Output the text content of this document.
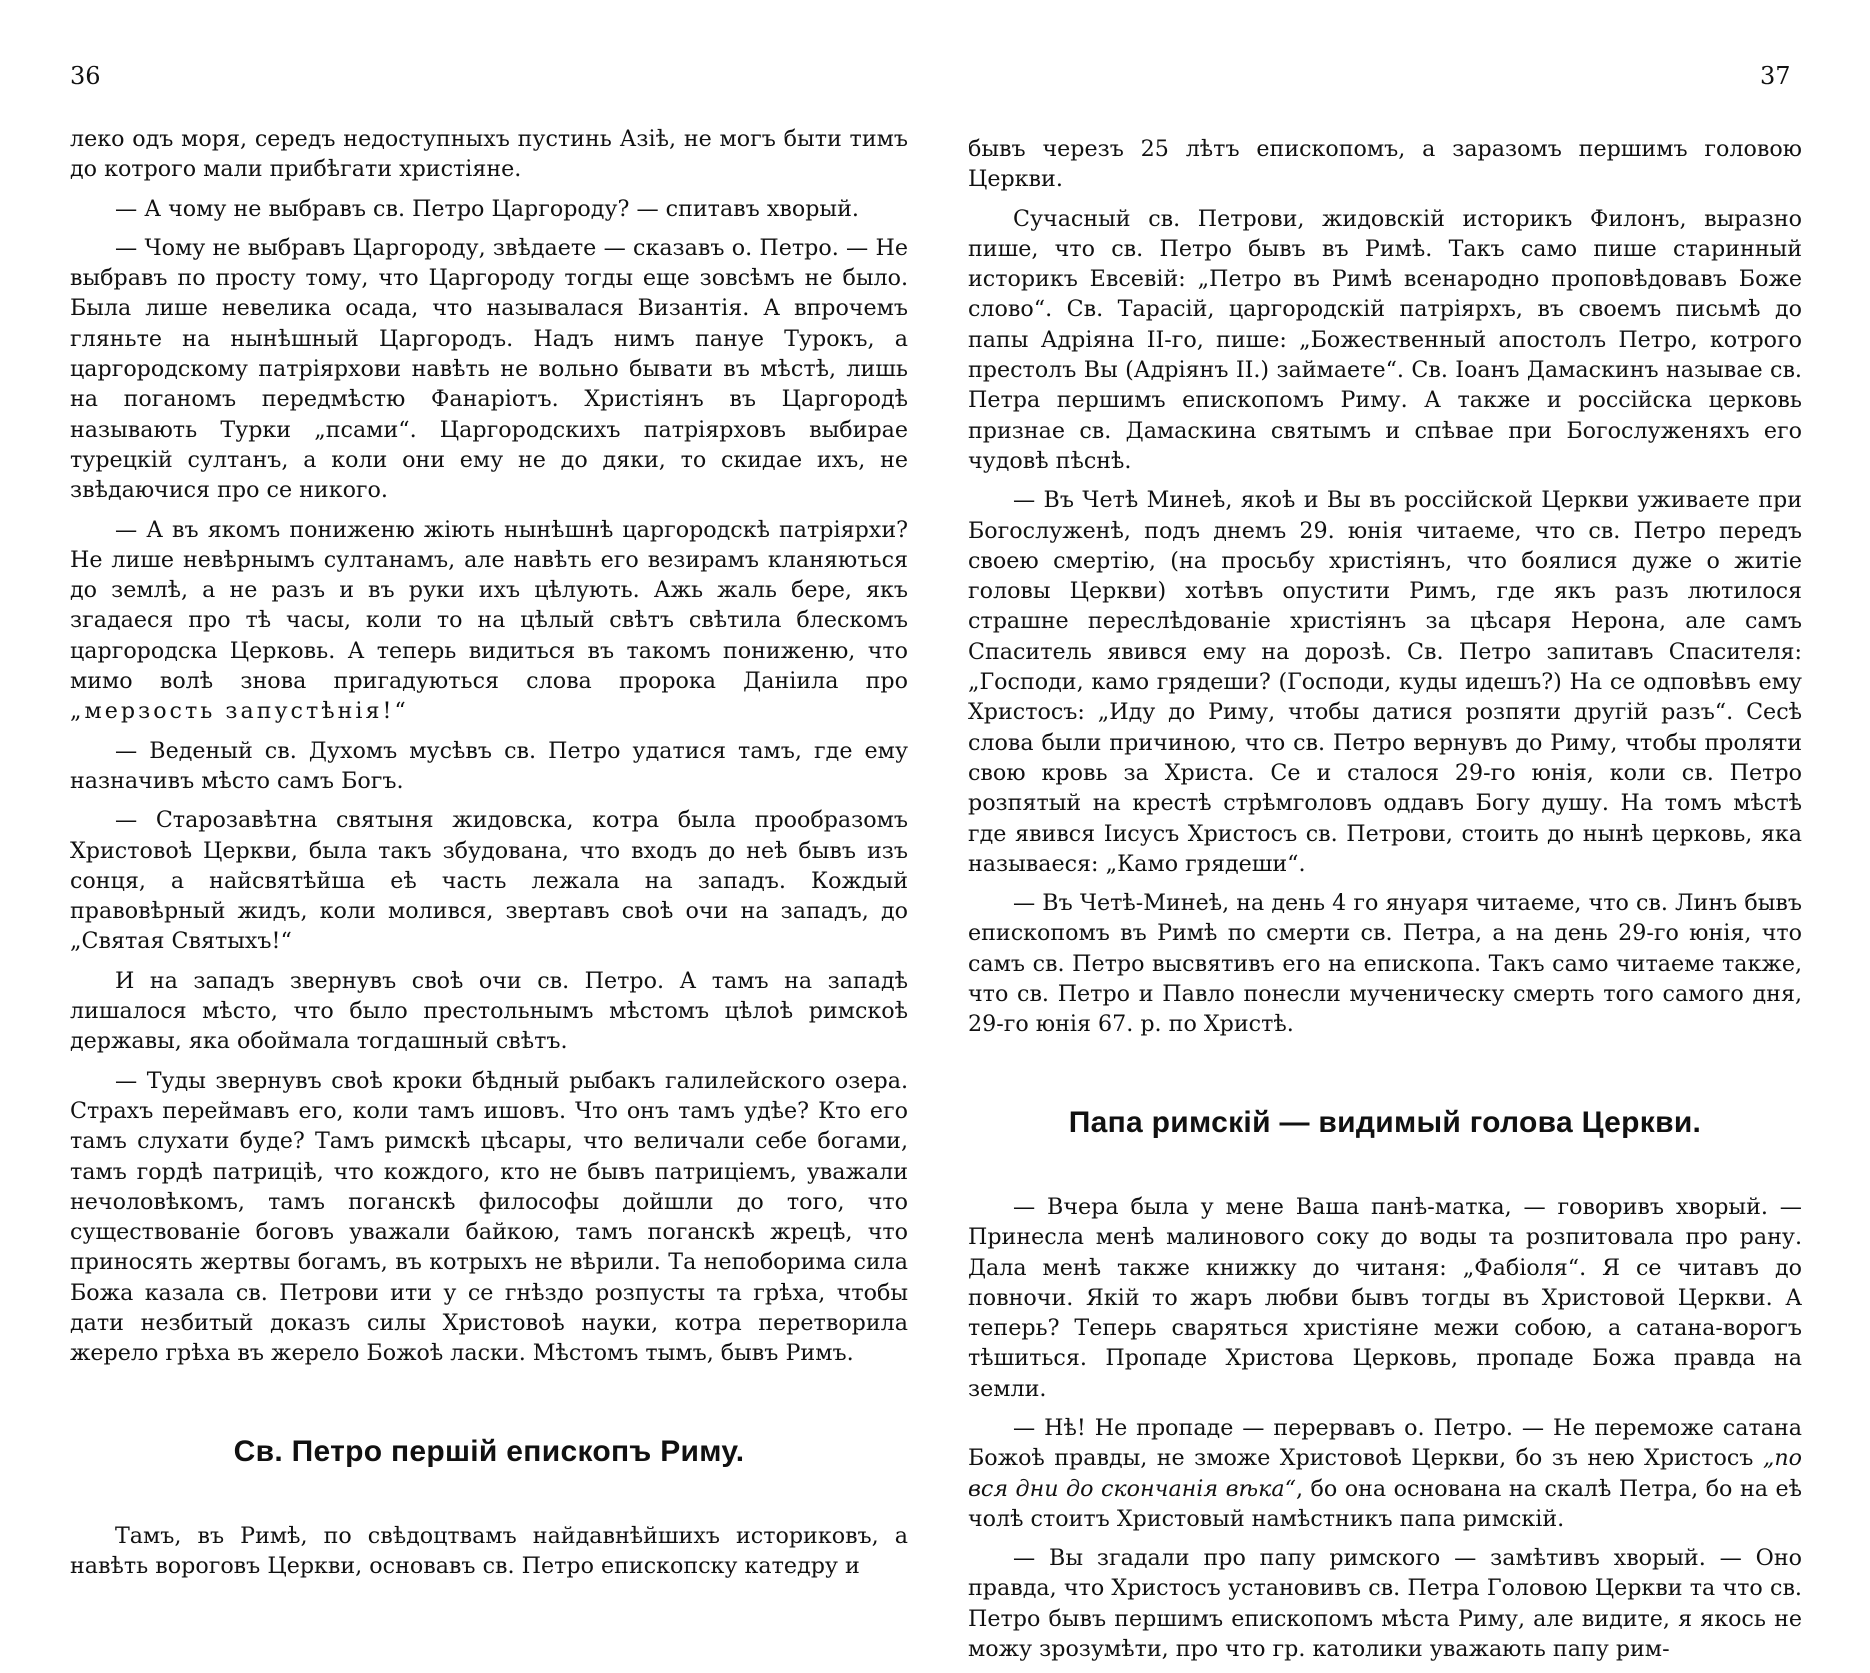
36	37

леко одъ моря, середъ недоступныхъ пустинь Азіѣ, не могъ быти тимъ до котрого мали прибѣгати христіяне.

— А чому не выбравъ св. Петро Царгороду? — спитавъ хворый.

— Чому не выбравъ Царгороду, звѣдаете — сказавъ о. Петро. — Не выбравъ по просту тому, что Царгороду тогды еще зовсѣмъ не было. Была лише невелика осада, что называлася Византія. А впрочемъ гляньте на нынѣшный Царгородъ. Надъ нимъ пануе Турокъ, а царгородскому патріярхови навѣть не вольно бывати въ мѣстѣ, лишь на поганомъ передмѣстю Фанаріотъ. Христіянъ въ Царгородѣ называють Турки „псами“. Царгородскихъ патріярховъ выбирае турецкій султанъ, а коли они ему не до дяки, то скидае ихъ, не звѣдаючися про се никого.

— А въ якомъ пониженю жіють нынѣшнѣ царгородскѣ патріярхи? Не лише невѣрнымъ султанамъ, але навѣть его везирамъ кланяються до землѣ, а не разъ и въ руки ихъ цѣлують. Ажь жаль бере, якъ згадаеся про тѣ часы, коли то на цѣлый свѣтъ свѣтила блескомъ царгородска Церковь. А теперь видиться въ такомъ пониженю, что мимо волѣ знова пригадуються слова пророка Даніила про „мерзость запустѣнія!“

— Веденый св. Духомъ мусѣвъ св. Петро удатися тамъ, где ему назначивъ мѣсто самъ Богъ.

— Старозавѣтна святыня жидовска, котра была прообразомъ Христовоѣ Церкви, была такъ збудована, что входъ до неѣ бывъ изъ сонця, а найсвятѣйша еѣ часть лежала на западъ. Кождый правовѣрный жидъ, коли молився, звертавъ своѣ очи на западъ, до „Святая Святыхъ!“

И на западъ звернувъ своѣ очи св. Петро. А тамъ на западѣ лишалося мѣсто, что было престольнымъ мѣстомъ цѣлоѣ римскоѣ державы, яка обоймала тогдашный свѣтъ.

— Туды звернувъ своѣ кроки бѣдный рыбакъ галилейского озера. Страхъ переймавъ его, коли тамъ ишовъ. Что онъ тамъ удѣе? Кто его тамъ слухати буде? Тамъ римскѣ цѣсары, что величали себе богами, тамъ гордѣ патриціѣ, что кождого, кто не бывъ патриціемъ, уважали нечоловѣкомъ, тамъ поганскѣ философы дойшли до того, что существованіе боговъ уважали байкою, тамъ поганскѣ жрецѣ, что приносять жертвы богамъ, въ котрыхъ не вѣрили. Та непоборима сила Божа казала св. Петрови ити у се гнѣздо розпусты та грѣха, чтобы дати незбитый доказъ силы Христовоѣ науки, котра перетворила жерело грѣха въ жерело Божоѣ ласки. Мѣстомъ тымъ, бывъ Римъ.

Св. Петро першій епископъ Риму.

Тамъ, въ Римѣ, по свѣдоцтвамъ найдавнѣйшихъ историковъ, а навѣть вороговъ Церкви, основавъ св. Петро епископску катедру и

бывъ черезъ 25 лѣтъ епископомъ, а заразомъ першимъ головою Церкви.

Сучасный св. Петрови, жидовскій историкъ Филонъ, выразно пише, что св. Петро бывъ въ Римѣ. Такъ само пише старинный историкъ Евсевій: „Петро въ Римѣ всенародно проповѣдовавъ Боже слово“. Св. Тарасій, царгородскій патріярхъ, въ своемъ письмѣ до папы Адріяна II-го, пише: „Божественный апостолъ Петро, котрого престолъ Вы (Адріянъ II.) займаете“. Св. Іоанъ Дамаскинъ называе св. Петра першимъ епископомъ Риму. А также и россійска церковь признае св. Дамаскина святымъ и спѣвае при Богослуженяхъ его чудовѣ пѣснѣ.

— Въ Четѣ Минеѣ, якоѣ и Вы въ россійской Церкви уживаете при Богослуженѣ, подъ днемъ 29. юнія читаеме, что св. Петро передъ своею смертію, (на просьбу христіянъ, что боялися дуже о житіе головы Церкви) хотѣвъ опустити Римъ, где якъ разъ лютилося страшне переслѣдованіе христіянъ за цѣсаря Нерона, але самъ Спаситель явився ему на дорозѣ. Св. Петро запитавъ Спасителя: „Господи, камо грядеши? (Господи, куды идешъ?) На се одповѣвъ ему Христосъ: „Иду до Риму, чтобы датися розпяти другій разъ“. Сесѣ слова были причиною, что св. Петро вернувъ до Риму, чтобы проляти свою кровь за Христа. Се и сталося 29-го юнія, коли св. Петро розпятый на крестѣ стрѣмголовъ оддавъ Богу душу. На томъ мѣстѣ где явився Іисусъ Христосъ св. Петрови, стоить до нынѣ церковь, яка называеся: „Камо грядеши“.

— Въ Четѣ-Минеѣ, на день 4 го януаря читаеме, что св. Линъ бывъ епископомъ въ Римѣ по смерти св. Петра, а на день 29-го юнія, что самъ св. Петро высвятивъ его на епископа. Такъ само читаеме также, что св. Петро и Павло понесли мученическу смерть того самого дня, 29-го юнія 67. р. по Христѣ.

Папа римскій — видимый голова Церкви.

— Вчера была у мене Ваша панѣ-матка, — говоривъ хворый. — Принесла менѣ малинового соку до воды та розпитовала про рану. Дала менѣ также книжку до читаня: „Фабіоля“. Я се читавъ до повночи. Якій то жаръ любви бывъ тогды въ Христовой Церкви. А теперь? Теперь сваряться христіяне межи собою, а сатана-ворогъ тѣшиться. Пропаде Христова Церковь, пропаде Божа правда на земли.

— Нѣ! Не пропаде — перервавъ о. Петро. — Не переможе сатана Божоѣ правды, не зможе Христовоѣ Церкви, бо зъ нею Христосъ „по вся дни до скончанія вѣка“, бо она основана на скалѣ Петра, бо на еѣ чолѣ стоитъ Христовый намѣстникъ папа римскій.

— Вы згадали про папу римского — замѣтивъ хворый. — Оно правда, что Христосъ установивъ св. Петра Головою Церкви та что св. Петро бывъ першимъ епископомъ мѣста Риму, але видите, я якось не можу зрозумѣти, про что гр. католики уважають папу рим-
